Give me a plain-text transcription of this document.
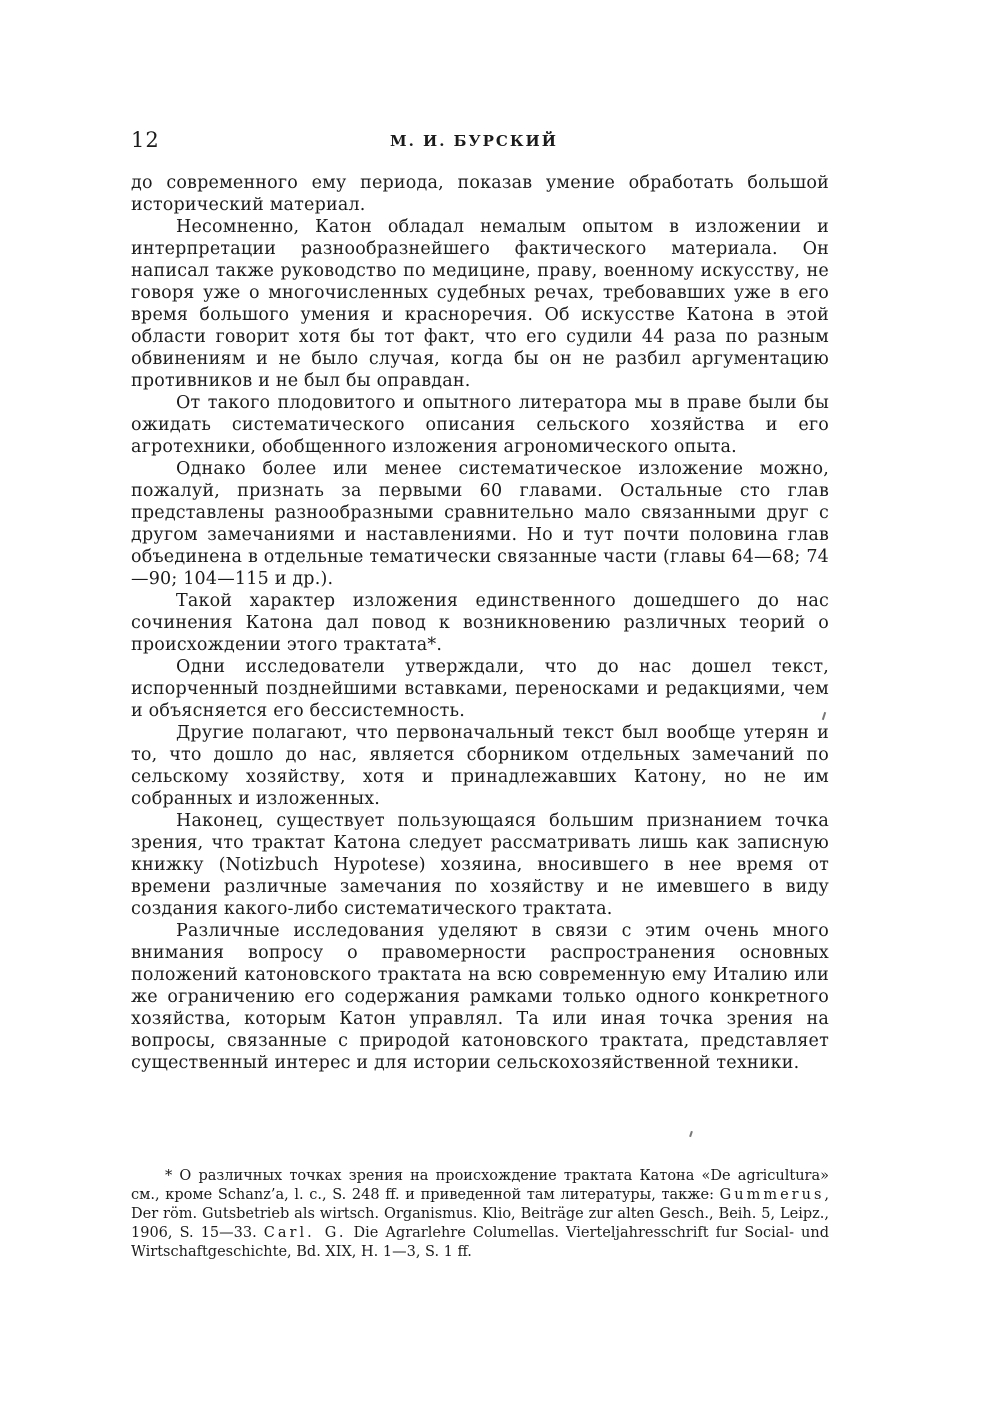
12	М. И. БУРСКИЙ

до современного ему периода, показав умение обработать большой исторический материал.

Несомненно, Катон обладал немалым опытом в изложении и интерпретации разнообразнейшего фактического материала. Он написал также руководство по медицине, праву, военному искусству, не говоря уже о многочисленных судебных речах, требовавших уже в его время большого умения и красноречия. Об искусстве Катона в этой области говорит хотя бы тот факт, что его судили 44 раза по разным обвинениям и не было случая, когда бы он не разбил аргументацию противников и не был бы оправдан.

От такого плодовитого и опытного литератора мы в праве были бы ожидать систематического описания сельского хозяйства и его агротехники, обобщенного изложения агрономического опыта.

Однако более или менее систематическое изложение можно, пожалуй, признать за первыми 60 главами. Остальные сто глав представлены разнообразными сравнительно мало связанными друг с другом замечаниями и наставлениями. Но и тут почти половина глав объединена в отдельные тематически связанные части (главы 64—68; 74—90; 104—115 и др.).

Такой характер изложения единственного дошедшего до нас сочинения Катона дал повод к возникновению различных теорий о происхождении этого трактата*.

Одни исследователи утверждали, что до нас дошел текст, испорченный позднейшими вставками, переносками и редакциями, чем и объясняется его бессистемность.

Другие полагают, что первоначальный текст был вообще утерян и то, что дошло до нас, является сборником отдельных замечаний по сельскому хозяйству, хотя и принадлежавших Катону, но не им собранных и изложенных.

Наконец, существует пользующаяся большим признанием точка зрения, что трактат Катона следует рассматривать лишь как записную книжку (Notizbuch Hypotese) хозяина, вносившего в нее время от времени различные замечания по хозяйству и не имевшего в виду создания какого-либо систематического трактата.

Различные исследования уделяют в связи с этим очень много внимания вопросу о правомерности распространения основных положений катоновского трактата на всю современную ему Италию или же ограничению его содержания рамками только одного конкретного хозяйства, которым Катон управлял. Та или иная точка зрения на вопросы, связанные с природой катоновского трактата, представляет существенный интерес и для истории сельскохозяйственной техники.

* О различных точках зрения на происхождение трактата Катона «De agricultura» см., кроме Schanz’a, l. c., S. 248 ff. и приведенной там литературы, также: Gummerus, Der röm. Gutsbetrieb als wirtsch. Organismus. Klio, Beiträge zur alten Gesch., Beih. 5, Leipz., 1906, S. 15—33. Carl. G. Die Agrarlehre Columellas. Vierteljahresschrift fur Social- und Wirtschaftgeschichte, Bd. XIX, H. 1—3, S. 1 ff.
